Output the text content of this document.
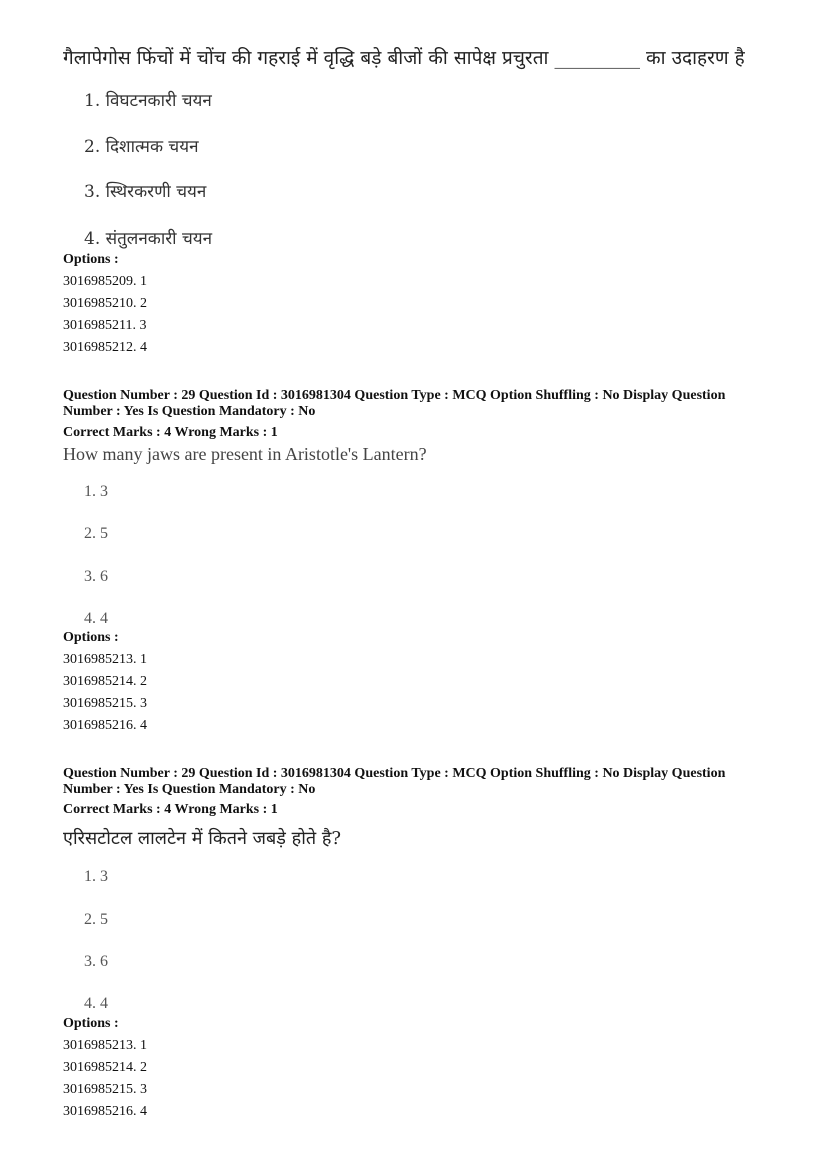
गैलापेगोस फिंचों में चोंच की गहराई में वृद्धि बड़े बीजों की सापेक्ष प्रचुरता _________ का उदाहरण है
1. विघटनकारी चयन
2. दिशात्मक चयन
3. स्थिरकरणी चयन
4. संतुलनकारी चयन
Options :
3016985209. 1
3016985210. 2
3016985211. 3
3016985212. 4
Question Number : 29 Question Id : 3016981304 Question Type : MCQ Option Shuffling : No Display Question
Number : Yes Is Question Mandatory : No
Correct Marks : 4 Wrong Marks : 1
How many jaws are present in Aristotle's Lantern?
1. 3
2. 5
3. 6
4. 4
Options :
3016985213. 1
3016985214. 2
3016985215. 3
3016985216. 4
Question Number : 29 Question Id : 3016981304 Question Type : MCQ Option Shuffling : No Display Question
Number : Yes Is Question Mandatory : No
Correct Marks : 4 Wrong Marks : 1
एरिसटोटल लालटेन में कितने जबड़े होते है?
1. 3
2. 5
3. 6
4. 4
Options :
3016985213. 1
3016985214. 2
3016985215. 3
3016985216. 4
